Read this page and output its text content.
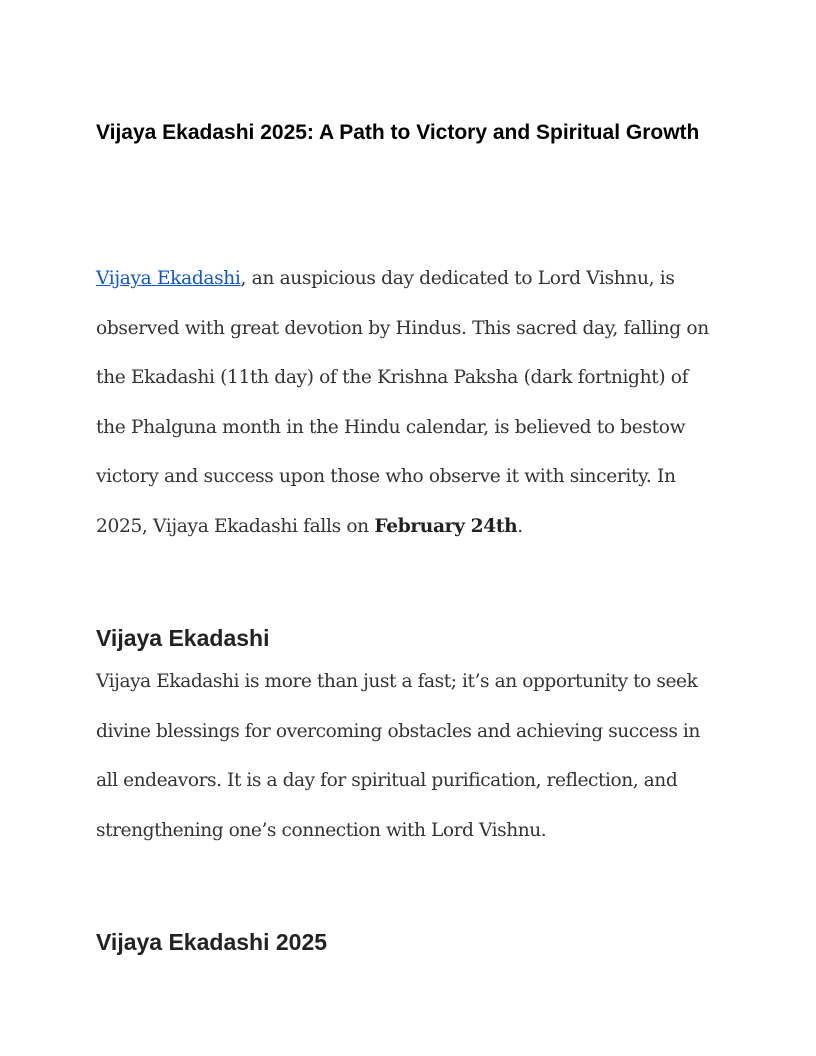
Vijaya Ekadashi 2025: A Path to Victory and Spiritual Growth

Vijaya Ekadashi, an auspicious day dedicated to Lord Vishnu, is observed with great devotion by Hindus. This sacred day, falling on the Ekadashi (11th day) of the Krishna Paksha (dark fortnight) of the Phalguna month in the Hindu calendar, is believed to bestow victory and success upon those who observe it with sincerity. In 2025, Vijaya Ekadashi falls on February 24th.

Vijaya Ekadashi

Vijaya Ekadashi is more than just a fast; it’s an opportunity to seek divine blessings for overcoming obstacles and achieving success in all endeavors. It is a day for spiritual purification, reflection, and strengthening one’s connection with Lord Vishnu.

Vijaya Ekadashi 2025
